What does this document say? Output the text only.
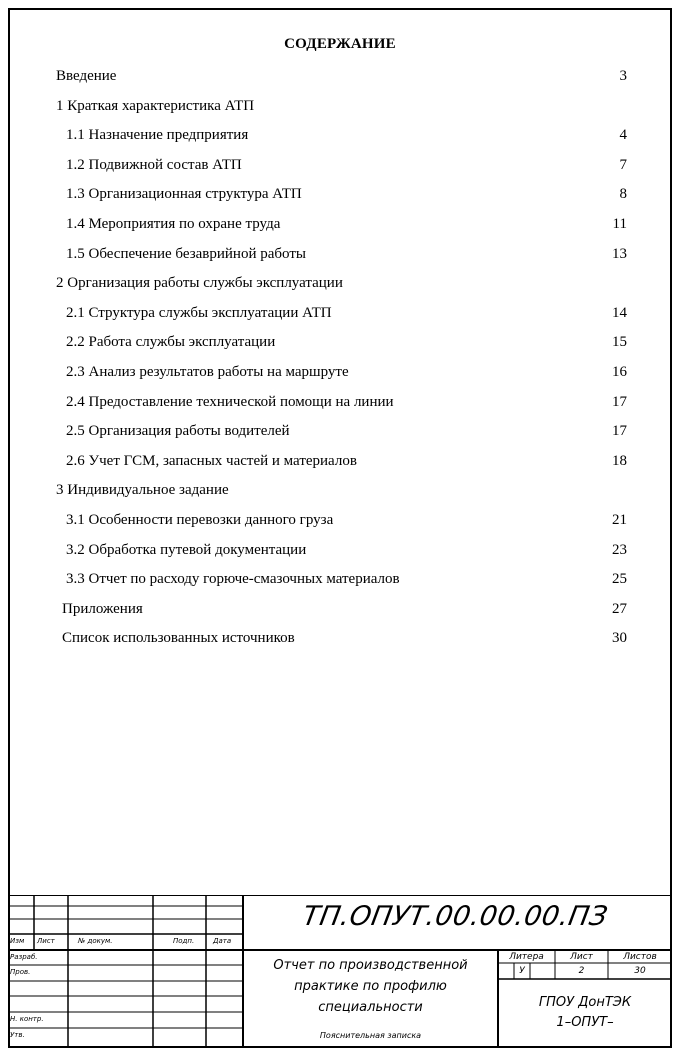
СОДЕРЖАНИЕ
Введение	3
1 Краткая характеристика АТП
1.1 Назначение предприятия	4
1.2 Подвижной состав АТП	7
1.3 Организационная структура АТП	8
1.4 Мероприятия по охране труда	11
1.5 Обеспечение безаврийной работы	13
2 Организация работы службы эксплуатации
2.1 Структура службы эксплуатации АТП	14
2.2 Работа службы эксплуатации	15
2.3 Анализ результатов работы на маршруте	16
2.4 Предоставление технической помощи на линии	17
2.5 Организация работы водителей	17
2.6 Учет ГСМ, запасных частей и материалов	18
3 Индивидуальное задание
3.1 Особенности перевозки данного груза	21
3.2 Обработка путевой документации	23
3.3 Отчет по расходу горюче-смазочных материалов	25
Приложения	27
Список использованных источников	30
Изм Лист	№ докум.	Подп.	Дата
Разраб.
Пров.
Н. контр.
Утв.
ТП.ОПУТ.00.00.00.ПЗ
Отчет по производственной
практике по профилю
специальности
Пояснительная записка
Литера	Лист	Листов
У	2	30
ГПОУ ДонТЭК
1–ОПУТ–
